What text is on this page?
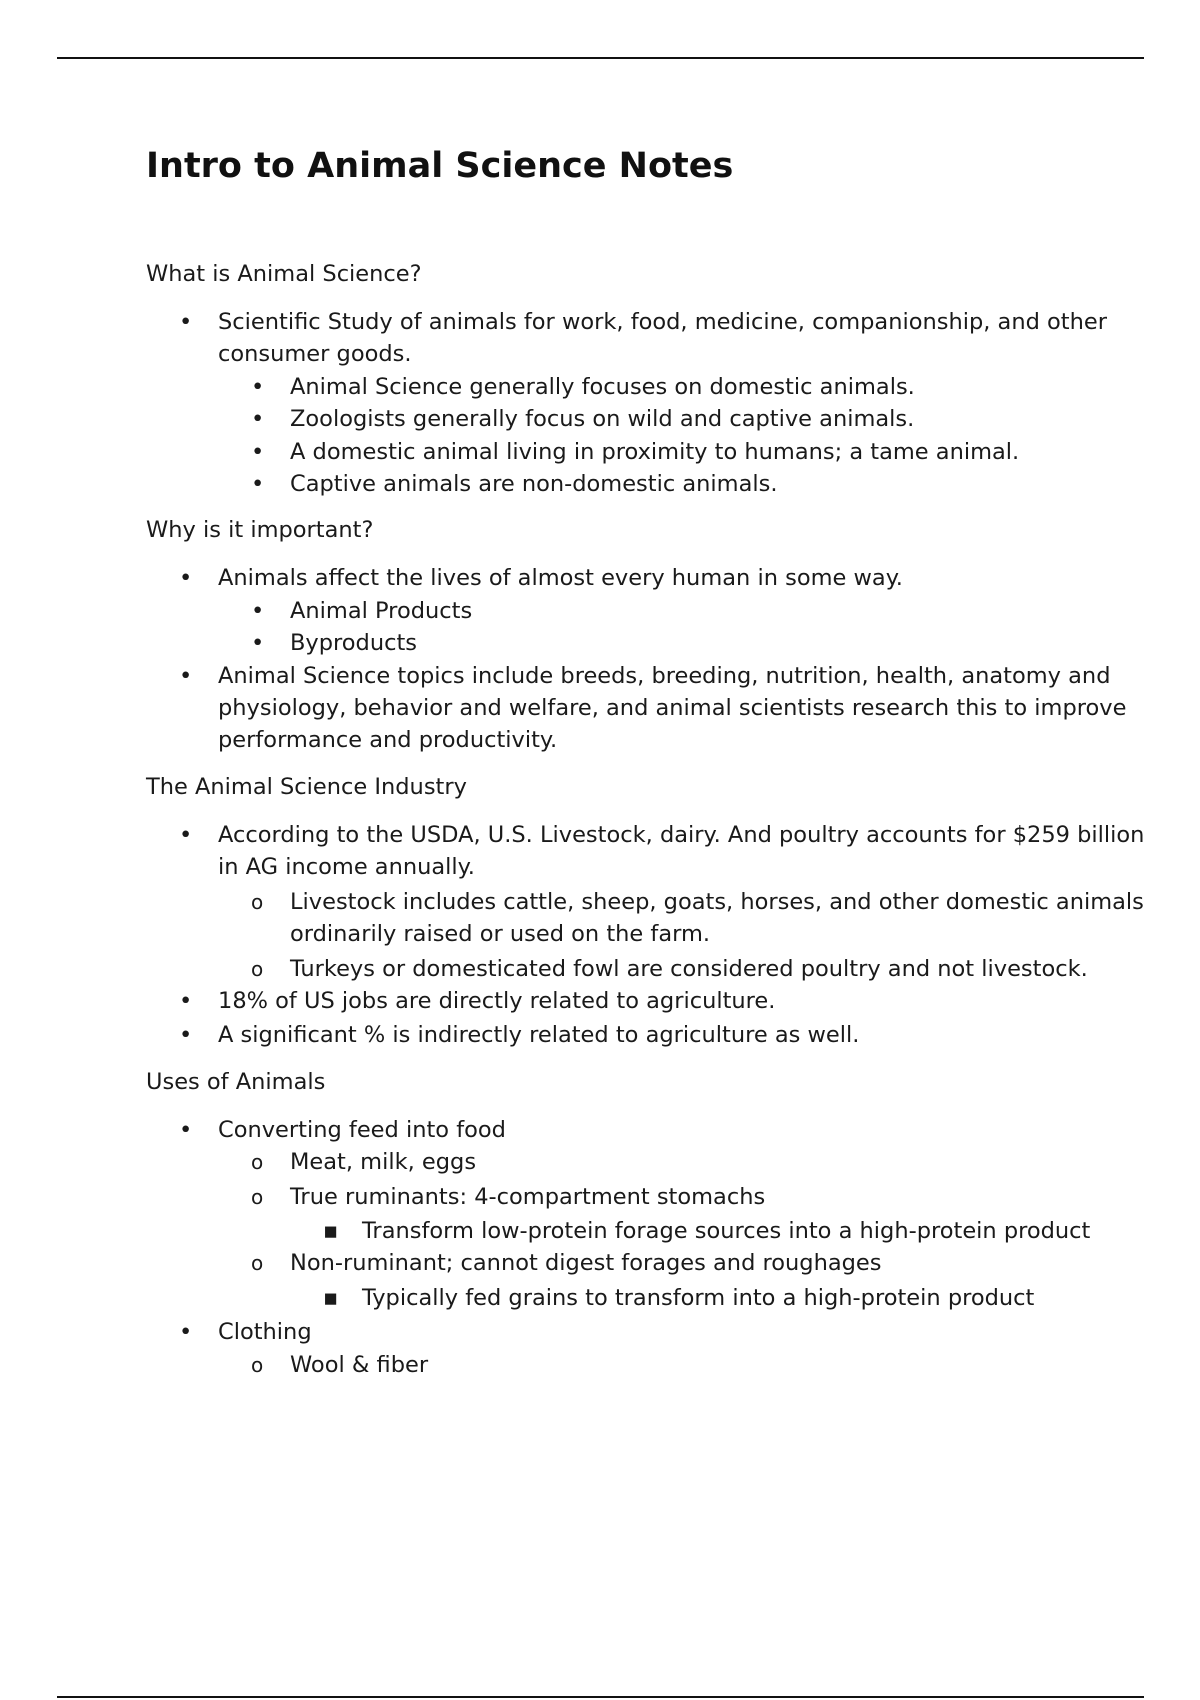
Intro to Animal Science Notes

What is Animal Science?

•
Scientific Study of animals for work, food, medicine, companionship, and other consumer goods.
•
Animal Science generally focuses on domestic animals.
•
Zoologists generally focus on wild and captive animals.
•
A domestic animal living in proximity to humans; a tame animal.
•
Captive animals are non-domestic animals.

Why is it important?

•
Animals affect the lives of almost every human in some way.
•
Animal Products
•
Byproducts
•
Animal Science topics include breeds, breeding, nutrition, health, anatomy and physiology, behavior and welfare, and animal scientists research this to improve performance and productivity.

The Animal Science Industry

•
According to the USDA, U.S. Livestock, dairy. And poultry accounts for $259 billion in AG income annually.
o
Livestock includes cattle, sheep, goats, horses, and other domestic animals ordinarily raised or used on the farm.
o
Turkeys or domesticated fowl are considered poultry and not livestock.
•
18% of US jobs are directly related to agriculture.
•
A significant % is indirectly related to agriculture as well.

Uses of Animals

•
Converting feed into food
o
Meat, milk, eggs
o
True ruminants: 4-compartment stomachs
▪
Transform low-protein forage sources into a high-protein product
o
Non-ruminant; cannot digest forages and roughages
▪
Typically fed grains to transform into a high-protein product
•
Clothing
o
Wool & fiber
